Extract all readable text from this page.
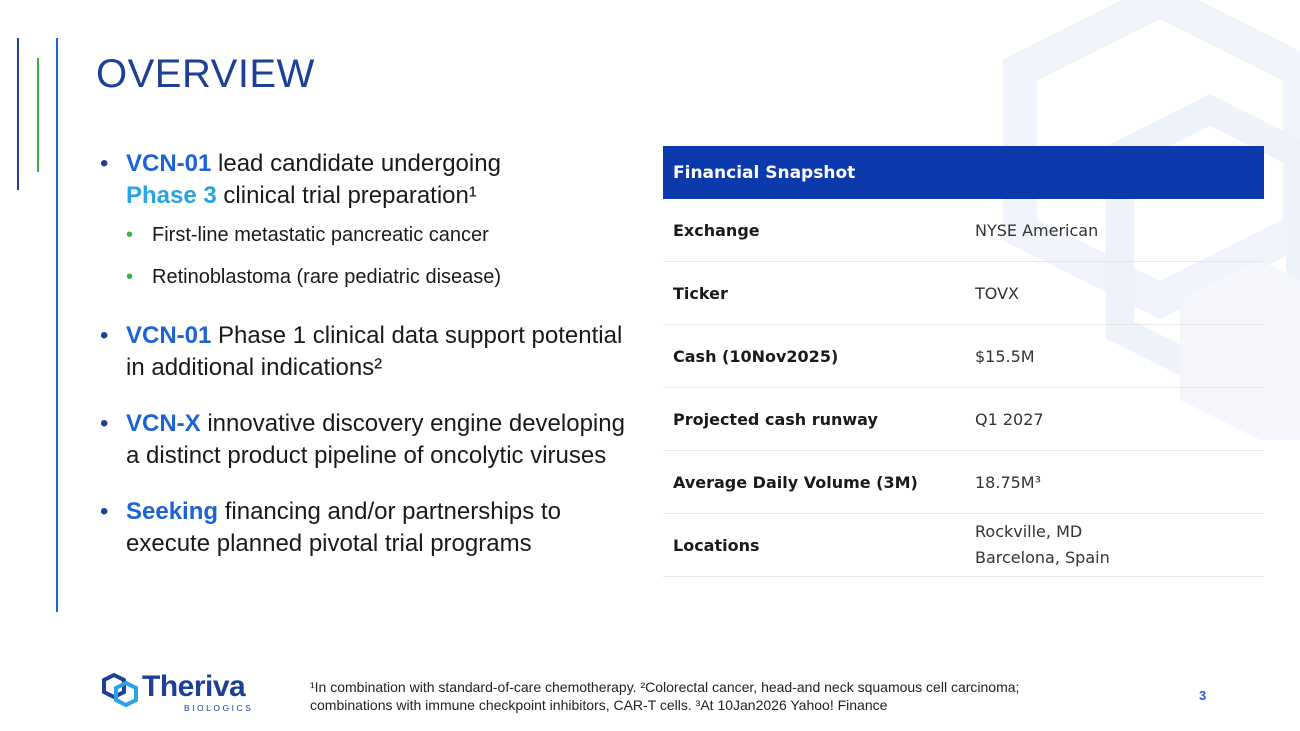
OVERVIEW
• VCN-01 lead candidate undergoing
Phase 3 clinical trial preparation¹
• First-line metastatic pancreatic cancer
• Retinoblastoma (rare pediatric disease)
• VCN-01 Phase 1 clinical data support potential in additional indications²
• VCN-X innovative discovery engine developing a distinct product pipeline of oncolytic viruses
• Seeking financing and/or partnerships to execute planned pivotal trial programs
Financial Snapshot	
Exchange	NYSE American
Ticker	TOVX
Cash (10Nov2025)	$15.5M
Projected cash runway	Q1 2027
Average Daily Volume (3M)	18.75M³
Locations	Rockville, MD
Barcelona, Spain
Theriva
BIOLOGICS
¹In combination with standard-of-care chemotherapy. ²Colorectal cancer, head-and neck squamous cell carcinoma;
combinations with immune checkpoint inhibitors, CAR-T cells. ³At 10Jan2026 Yahoo! Finance
3
